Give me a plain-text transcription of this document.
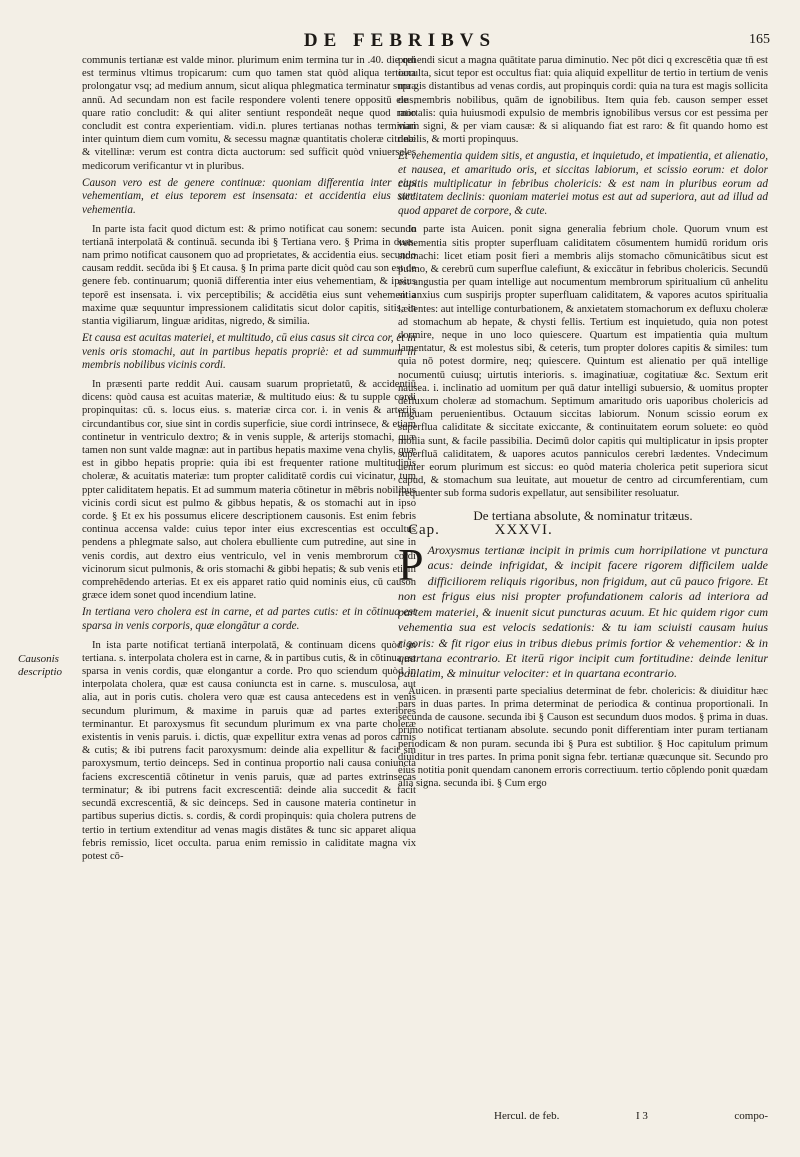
DE FEBRIBVS	165
Causonis descriptio

communis tertianæ est valde minor. plurimum enim termina tur in .40. die qui est terminus vltimus tropicarum: cum quo tamen stat quòd aliqua tertiana prolongatur vsq; ad medium annum, sicut aliqua phlegmatica terminatur supra annū. Ad secundam non est facile respondere volenti tenere oppositū eius, quare ratio concludit: & qui aliter sentiunt respondeāt neque quod ratio concludit est contra experientiam. vidi.n. plures tertianas nothas terminari inter quintum diem cum vomitu, & secessu magnæ quantitatis choleræ citrinæ & vitellinæ: verum est contra dicta auctorum: sed sufficit quòd vniuersales medicorum verificantur vt in pluribus.

Causon vero est de genere continuæ: quoniam differentia inter eius vehementiam, et eius teporem est insensata: et accidentia eius sunt vehementia.

In parte ista facit quod dictum est: & primo notificat cau sonem: secundo tertianā interpolatā & continuā. secunda ibi § Tertiana vero. § Prima in duas. nam primo notificat causonem quo ad proprietates, & accidentia eius. secundo causam reddit. secūda ibi § Et causa. § In prima parte dicit quòd cau son est de genere feb. continuarum; quoniā differentia inter eius vehementiam, & ipsius teporē est insensata. i. vix perceptibilis; & accidētia eius sunt vehementia maxime quæ sequuntur impressionem caliditatis sicut dolor capitis, sitis, in stantia vigiliarum, linguæ ariditas, nigredo, & similia.

Et causa est acuitas materiei, et multitudo, cū eius casus sit circa cor, et in venis oris stomachi, aut in partibus hepatis propriè: et ad summum in membris nobilibus vicinis cordi.

In præsenti parte reddit Aui. causam suarum proprietatū, & accidentiū dicens: quòd causa est acuitas materiæ, & multitudo eius: & tu supple cordi propinquitas: cū. s. locus eius. s. materiæ circa cor. i. in venis & arterijs circundantibus cor, siue sint in cordis superficie, siue cordi intrinsece, & etiam continetur in ventriculo dextro; & in venis supple, & arterijs stomachi, quæ tamen non sunt valde magnæ: aut in partibus hepatis maxime vena chylis, quæ est in gibbo hepatis proprie: quia ibi est frequenter ratione multitudinis choleræ, & acuitatis materiæ: tum propter caliditatē cordis cui vicinatur, tum ppter caliditatem hepatis. Et ad summum materia cōtinetur in mēbris nobilibus vicinis cordi sicut est pulmo & gibbus hepatis, & os stomachi aut in ipso corde. § Et ex his possumus elicere descriptionem causonis. Est enim febris continua accensa valde: cuius tepor inter eius excrescentias est occultus pendens a phlegmate salso, aut cholera ebulliente cum putredine, aut sine in venis cordis, aut dextro eius ventriculo, vel in venis membrorum cordi vicinorum sicut pulmonis, & oris stomachi & gibbi hepatis; & sub venis etiam comprehēdendo arterias. Et ex eis apparet ratio quid nominis eius, cū causon græce idem sonet quod incendium latine.

In tertiana vero cholera est in carne, et ad partes cutis: et in cōtinua est sparsa in venis corporis, quæ elongātur a corde.

In ista parte notificat tertianā interpolatā, & continuam dicens quòd in tertiana. s. interpolata cholera est in carne, & in partibus cutis, & in cōtinua est sparsa in venis cordis, quæ elongantur a corde. Pro quo sciendum quòd in interpolata cholera, quæ est causa coniuncta est in carne. s. musculosa, aut alia, aut in poris cutis. cholera vero quæ est causa antecedens est in venis secundum plurimum, & maxime in paruis quæ ad partes exteriores terminantur. Et paroxysmus fit secundum plurimum ex vna parte choleræ existentis in venis paruis. i. dictis, quæ expellitur extra venas ad poros carnis & cutis; & ibi putrens facit paroxysmum: deinde alia expellitur & facit sm paroxysmum, tertio deinceps. Sed in continua proportio nali causa coniuncta faciens excrescentiā cōtinetur in venis paruis, quæ ad partes extrinsecas terminatur; & ibi putrens facit excrescentiā: deinde alia succedit & facit secundā excrescentiā, & sic deinceps. Sed in causone materia continetur in partibus superius dictis. s. cordis, & cordi propinquis: quia cholera putrens de tertio in tertium extenditur ad venas magis distātes & tunc sic apparet aliqua febris remissio, licet occulta. parua enim remissio in caliditate magna vix potest cō-

prehendi sicut a magna quātitate parua diminutio. Nec pōt dici q excrescētia quæ tn̄ est occulta, sicut tepor est occultus fiat: quia aliquid expellitur de tertio in tertium de venis ma gis distantibus ad venas cordis, aut propinquis cordi: quia na tura est magis sollicita de membris nobilibus, quām de ignobilibus. Item quia feb. causon semper esset mortalis: quia huiusmodi expulsio de membris ignobilibus versus cor est pessima per viam signi, & per viam causæ: & si aliquando fiat est raro: & fit quando homo est debilis, & morti propinquus.

Et vehementia quidem sitis, et angustia, et inquietudo, et impatientia, et alienatio, et nausea, et amaritudo oris, et siccitas labiorum, et scissio eorum: et dolor capitis multiplicatur in febribus cholericis: & est nam in pluribus eorum ad siccitatem declinis: quoniam materiei motus est aut ad superiora, aut ad illud ad quod apparet de corpore, & cute.

In parte ista Auicen. ponit signa generalia febrium chole. Quorum vnum est vehementia sitis propter superfluam caliditatem cōsumentem humidū roridum oris stomachi: licet etiam posit fieri a membris alijs stomacho cōmunicātibus sicut est pulmo, & cerebrū cum superflue calefiunt, & exiccātur in febribus cholericis. Secundū est angustia per quam intellige aut nocumentum membrorum spiritualium cū anhelitu sit anxius cum suspirijs propter superfluam caliditatem, & vapores acutos spiritualia lædentes: aut intellige conturbationem, & anxietatem stomachorum ex defluxu choleræ ad stomachum ab hepate, & chysti fellis. Tertium est inquietudo, quia non potest dormire, neque in uno loco quiescere. Quartum est impatientia quia multum lamentatur, & est molestus sibi, & ceteris, tum propter dolores capitis & similes: tum quia nō potest dormire, neq; quiescere. Quintum est alienatio per quā intellige nocumentū cuiusq; uirtutis interioris. s. imaginatiuæ, cogitatiuæ &c. Sextum erit nausea. i. inclinatio ad uomitum per quā datur intelligi subuersio, & uomitus propter defluxum choleræ ad stomachum. Septimum amaritudo oris uaporibus cholericis ad linguam peruenientibus. Octauum siccitas labiorum. Nonum scissio eorum ex superflua caliditate & siccitate exiccante, & continuitatem eorum soluete: eo quòd mollia sunt, & facile passibilia. Decimū dolor capitis qui multiplicatur in ipsis propter superfluā caliditatem, & uapores acutos panniculos cerebri lædentes. Vndecimum uenter eorum plurimum est siccus: eo quòd materia cholerica petit superiora sicut capud, & stomachum sua leuitate, aut mouetur de centro ad circumferentiam, cum frequenter sub forma sudoris expellatur, aut sensibiliter resoluatur.

De tertiana absolute, & nominatur tritæus.
Cap.	XXXVI.

P Aroxysmus tertianæ incipit in primis cum horripilatione vt punctura acus: deinde infrigidat, & incipit facere rigorem difficilem ualde difficiliorem reliquis rigoribus, non frigidum, aut cū pauco frigore. Et non est frigus eius nisi propter profundationem caloris ad interiora ad partem materiei, & inuenit sicut puncturas acuum. Et hic quidem rigor cum vehementia sua est velocis sedationis: & tu iam sciuisti causam huius rigoris: & fit rigor eius in tribus diebus primis fortior & vehementior: & in quartana econtrario. Et iterū rigor incipit cum fortitudine: deinde lenitur paulatim, & minuitur velociter: et in quartana econtrario.

Auicen. in præsenti parte specialius determinat de febr. cholericis: & diuiditur hæc pars in duas partes. In prima determinat de periodica & continua proportionali. In secunda de causone. secunda ibi § Causon est secundum duos modos. § prima in duas. primo notificat tertianam absolute. secundo ponit differentiam inter puram tertianam periodicam & non puram. secunda ibi § Pura est subtilior. § Hoc capitulum primum diuiditur in tres partes. In prima ponit signa febr. tertianæ quæcunque sit. Secundo pro eius notitia ponit quendam canonem erroris correctiuum. tertio cōplendo ponit quædam alia signa. secunda ibi. § Cum ergo

Hercul. de feb.	I 3	compo-
